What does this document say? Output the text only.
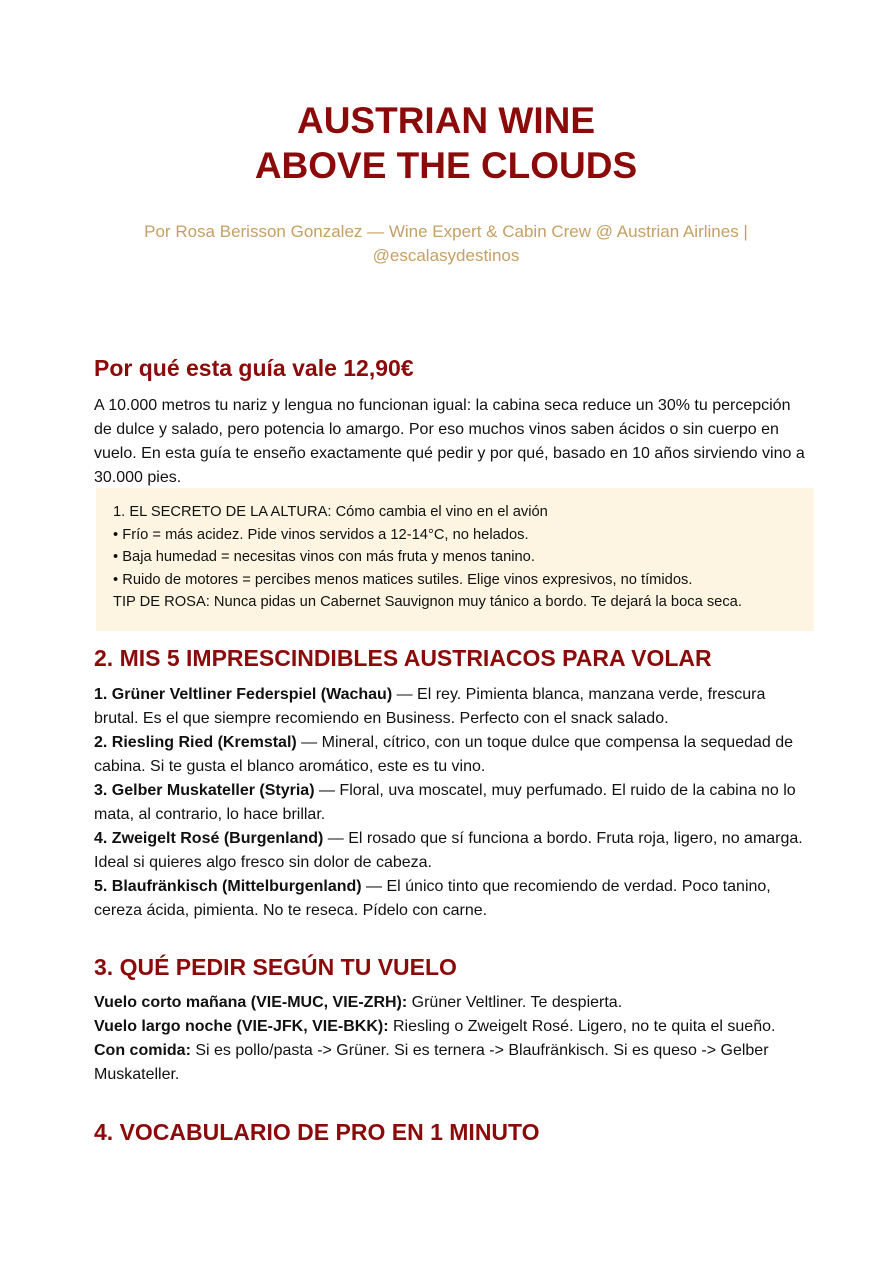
AUSTRIAN WINE
ABOVE THE CLOUDS
Por Rosa Berisson Gonzalez — Wine Expert & Cabin Crew @ Austrian Airlines | @escalasydestinos
Por qué esta guía vale 12,90€

A 10.000 metros tu nariz y lengua no funcionan igual: la cabina seca reduce un 30% tu percepción de dulce y salado, pero potencia lo amargo. Por eso muchos vinos saben ácidos o sin cuerpo en vuelo. En esta guía te enseño exactamente qué pedir y por qué, basado en 10 años sirviendo vino a 30.000 pies.

1. EL SECRETO DE LA ALTURA: Cómo cambia el vino en el avión
• Frío = más acidez. Pide vinos servidos a 12-14°C, no helados.
• Baja humedad = necesitas vinos con más fruta y menos tanino.
• Ruido de motores = percibes menos matices sutiles. Elige vinos expresivos, no tímidos.
TIP DE ROSA: Nunca pidas un Cabernet Sauvignon muy tánico a bordo. Te dejará la boca seca.
2. MIS 5 IMPRESCINDIBLES AUSTRIACOS PARA VOLAR

1. Grüner Veltliner Federspiel (Wachau) — El rey. Pimienta blanca, manzana verde, frescura brutal. Es el que siempre recomiendo en Business. Perfecto con el snack salado.

2. Riesling Ried (Kremstal) — Mineral, cítrico, con un toque dulce que compensa la sequedad de cabina. Si te gusta el blanco aromático, este es tu vino.

3. Gelber Muskateller (Styria) — Floral, uva moscatel, muy perfumado. El ruido de la cabina no lo mata, al contrario, lo hace brillar.

4. Zweigelt Rosé (Burgenland) — El rosado que sí funciona a bordo. Fruta roja, ligero, no amarga. Ideal si quieres algo fresco sin dolor de cabeza.

5. Blaufränkisch (Mittelburgenland) — El único tinto que recomiendo de verdad. Poco tanino, cereza ácida, pimienta. No te reseca. Pídelo con carne.

3. QUÉ PEDIR SEGÚN TU VUELO

Vuelo corto mañana (VIE-MUC, VIE-ZRH): Grüner Veltliner. Te despierta.

Vuelo largo noche (VIE-JFK, VIE-BKK): Riesling o Zweigelt Rosé. Ligero, no te quita el sueño.

Con comida: Si es pollo/pasta -> Grüner. Si es ternera -> Blaufränkisch. Si es queso -> Gelber Muskateller.

4. VOCABULARIO DE PRO EN 1 MINUTO
